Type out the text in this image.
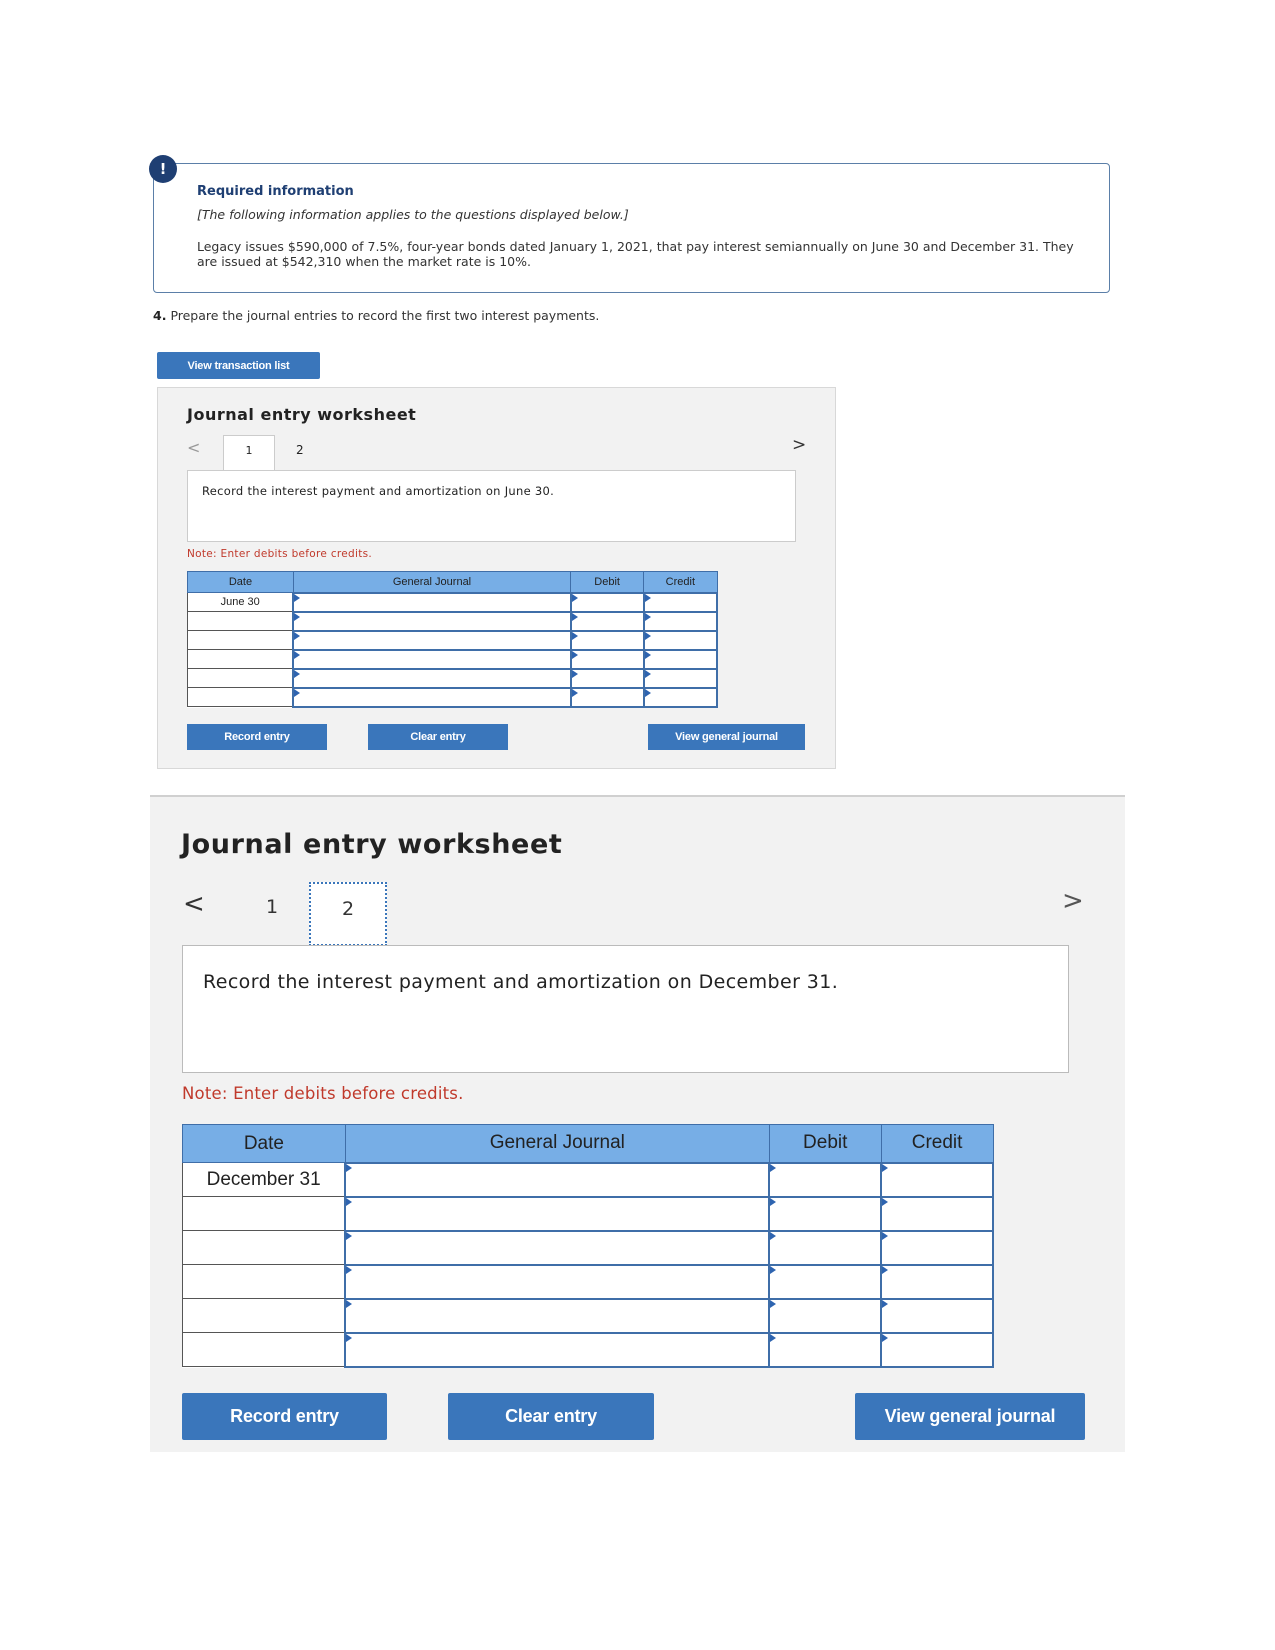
!
Required information
[The following information applies to the questions displayed below.]
Legacy issues $590,000 of 7.5%, four-year bonds dated January 1, 2021, that pay interest semiannually on June 30 and December 31. They are issued at $542,310 when the market rate is 10%.
4. Prepare the journal entries to record the first two interest payments.
View transaction list
Journal entry worksheet
<	1	2	>
Record the interest payment and amortization on June 30.
Note: Enter debits before credits.
Date	General Journal	Debit	Credit
June 30			

Record entry	Clear entry	View general journal
Journal entry worksheet
<	1	2	>
Record the interest payment and amortization on December 31.
Note: Enter debits before credits.
Date	General Journal	Debit	Credit
December 31			

Record entry	Clear entry	View general journal
